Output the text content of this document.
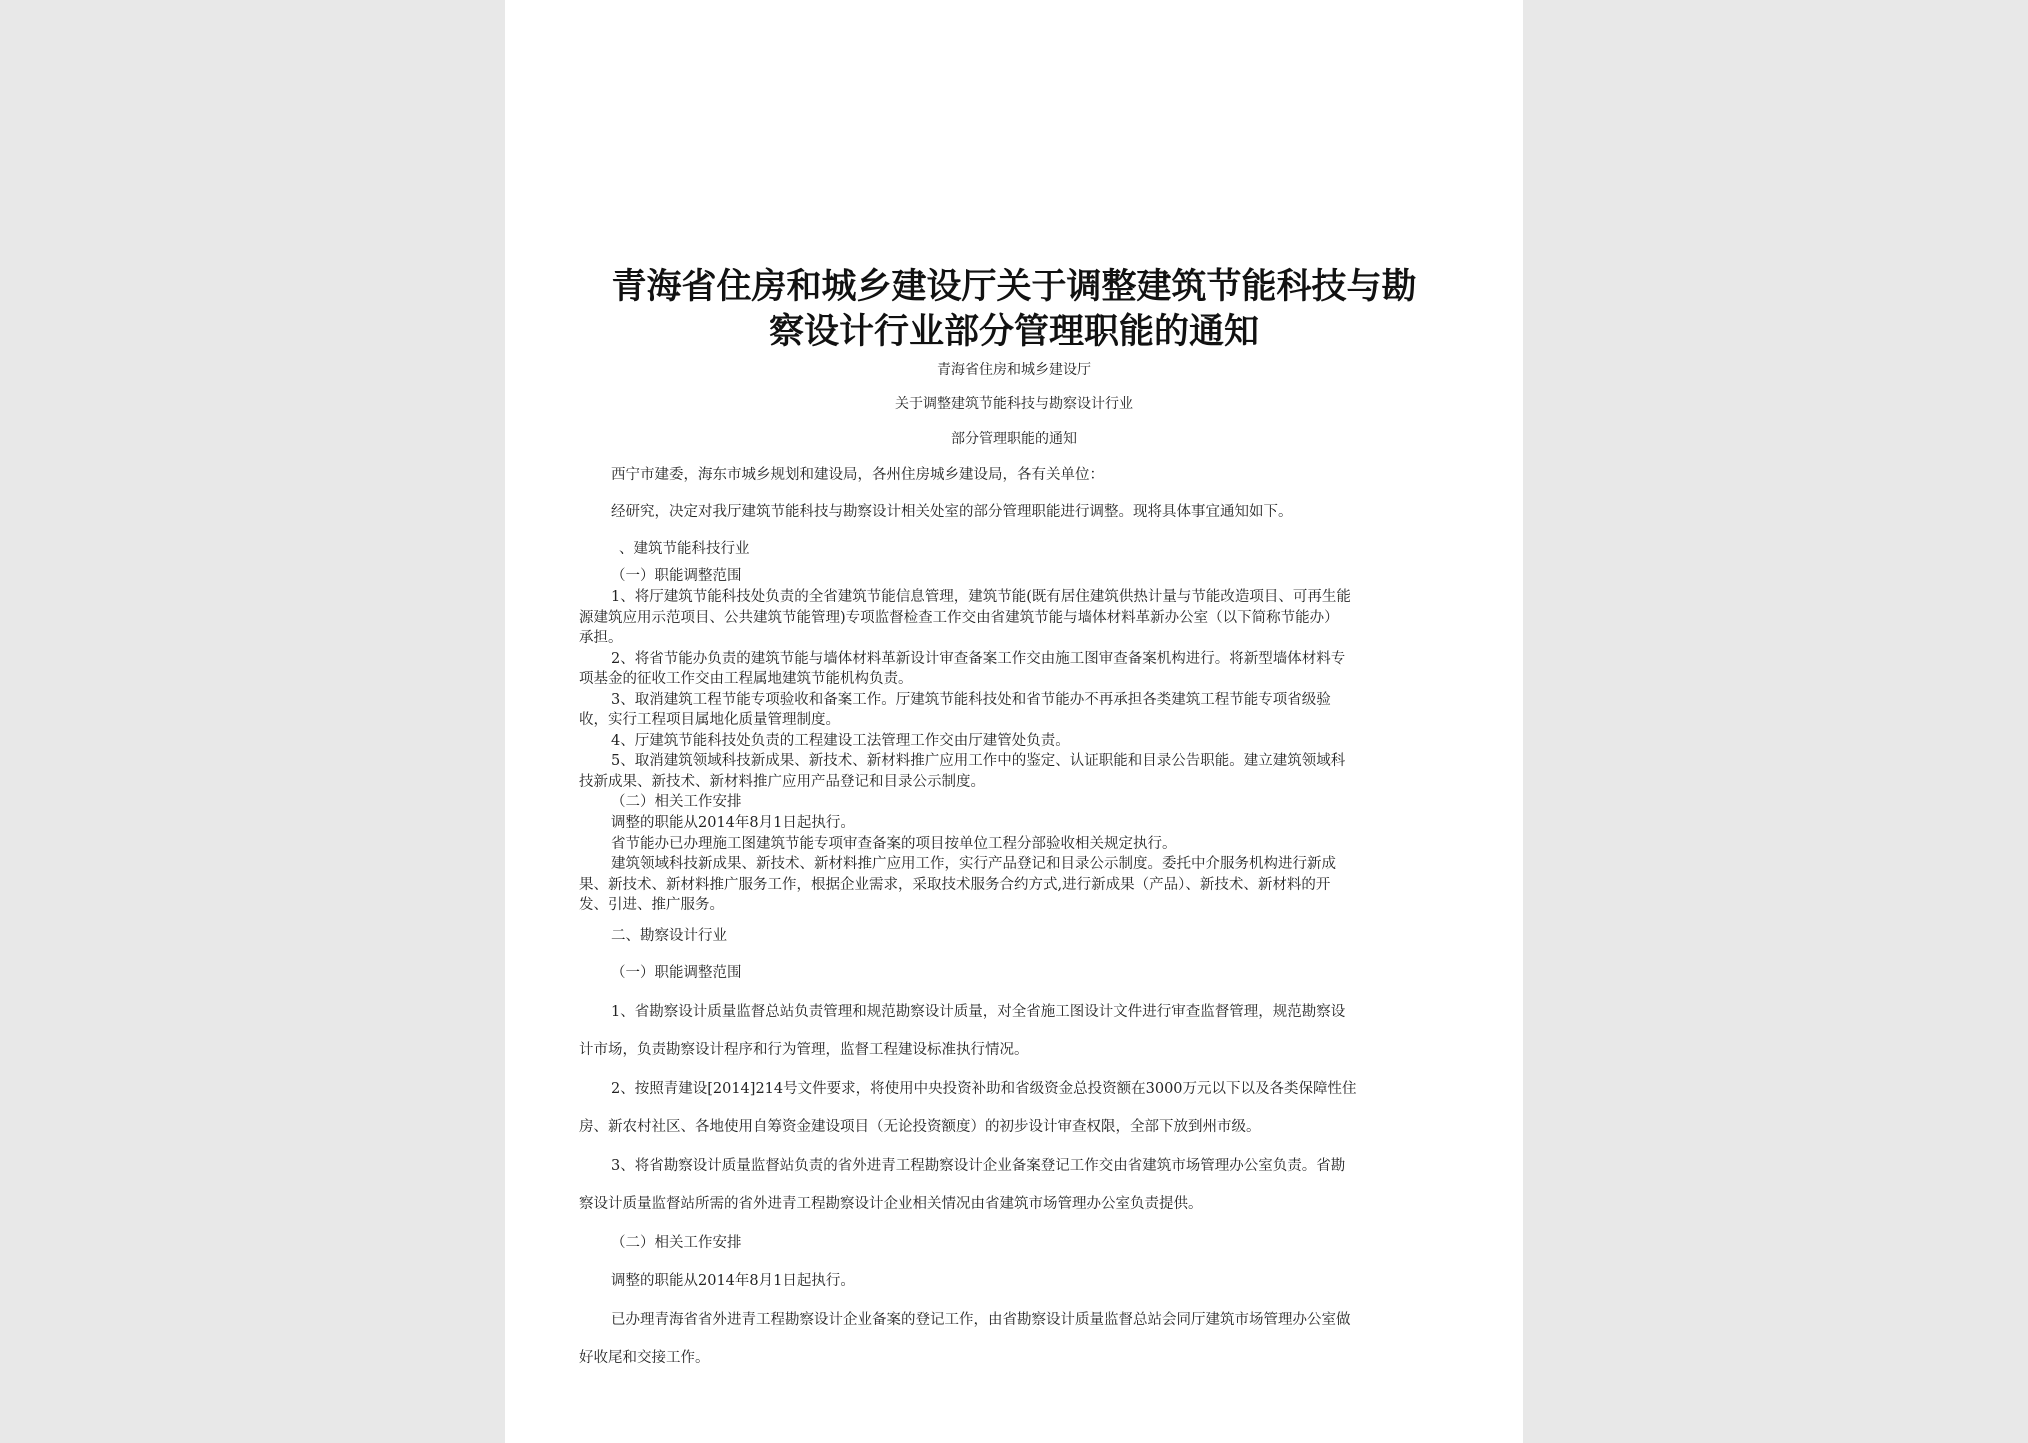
青海省住房和城乡建设厅关于调整建筑节能科技与勘
察设计行业部分管理职能的通知
青海省住房和城乡建设厅
关于调整建筑节能科技与勘察设计行业
部分管理职能的通知
西宁市建委，海东市城乡规划和建设局，各州住房城乡建设局，各有关单位：
经研究，决定对我厅建筑节能科技与勘察设计相关处室的部分管理职能进行调整。现将具体事宜通知如下。
、建筑节能科技行业
（一）职能调整范围
1、将厅建筑节能科技处负责的全省建筑节能信息管理，建筑节能(既有居住建筑供热计量与节能改造项目、可再生能
源建筑应用示范项目、公共建筑节能管理)专项监督检查工作交由省建筑节能与墙体材料革新办公室（以下简称节能办）
承担。
2、将省节能办负责的建筑节能与墙体材料革新设计审查备案工作交由施工图审查备案机构进行。将新型墙体材料专
项基金的征收工作交由工程属地建筑节能机构负责。
3、取消建筑工程节能专项验收和备案工作。厅建筑节能科技处和省节能办不再承担各类建筑工程节能专项省级验
收，实行工程项目属地化质量管理制度。
4、厅建筑节能科技处负责的工程建设工法管理工作交由厅建管处负责。
5、取消建筑领域科技新成果、新技术、新材料推广应用工作中的鉴定、认证职能和目录公告职能。建立建筑领域科
技新成果、新技术、新材料推广应用产品登记和目录公示制度。
（二）相关工作安排
调整的职能从2014年8月1日起执行。
省节能办已办理施工图建筑节能专项审查备案的项目按单位工程分部验收相关规定执行。
建筑领域科技新成果、新技术、新材料推广应用工作，实行产品登记和目录公示制度。委托中介服务机构进行新成
果、新技术、新材料推广服务工作，根据企业需求，采取技术服务合约方式,进行新成果（产品）、新技术、新材料的开
发、引进、推广服务。
二、勘察设计行业
（一）职能调整范围
1、省勘察设计质量监督总站负责管理和规范勘察设计质量，对全省施工图设计文件进行审查监督管理，规范勘察设
计市场，负责勘察设计程序和行为管理，监督工程建设标准执行情况。
2、按照青建设[2014]214号文件要求，将使用中央投资补助和省级资金总投资额在3000万元以下以及各类保障性住
房、新农村社区、各地使用自筹资金建设项目（无论投资额度）的初步设计审查权限，全部下放到州市级。
3、将省勘察设计质量监督站负责的省外进青工程勘察设计企业备案登记工作交由省建筑市场管理办公室负责。省勘
察设计质量监督站所需的省外进青工程勘察设计企业相关情况由省建筑市场管理办公室负责提供。
（二）相关工作安排
调整的职能从2014年8月1日起执行。
已办理青海省省外进青工程勘察设计企业备案的登记工作，由省勘察设计质量监督总站会同厅建筑市场管理办公室做
好收尾和交接工作。
